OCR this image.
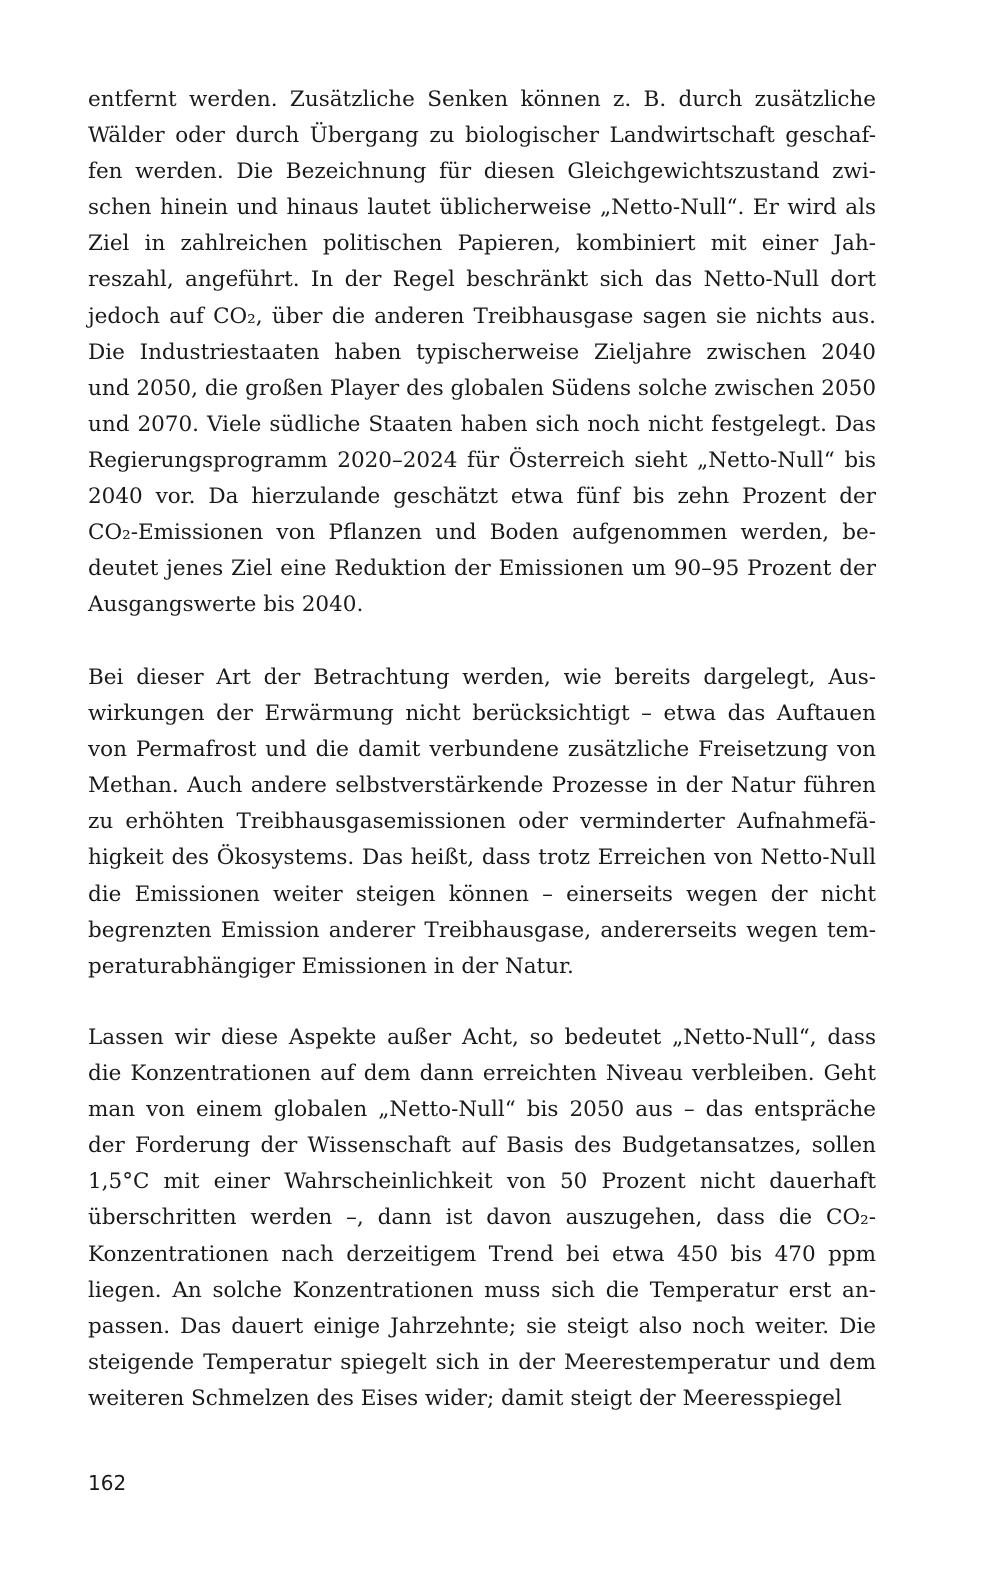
entfernt werden. Zusätzliche Senken können z. B. durch zusätzliche
Wälder oder durch Übergang zu biologischer Landwirtschaft geschaf-
fen werden. Die Bezeichnung für diesen Gleichgewichtszustand zwi-
schen hinein und hinaus lautet üblicherweise „Netto-Null“. Er wird als
Ziel in zahlreichen politischen Papieren, kombiniert mit einer Jah-
reszahl, angeführt. In der Regel beschränkt sich das Netto-Null dort
jedoch auf CO₂, über die anderen Treibhausgase sagen sie nichts aus.
Die Industriestaaten haben typischerweise Zieljahre zwischen 2040
und 2050, die großen Player des globalen Südens solche zwischen 2050
und 2070. Viele südliche Staaten haben sich noch nicht festgelegt. Das
Regierungsprogramm 2020–2024 für Österreich sieht „Netto-Null“ bis
2040 vor. Da hierzulande geschätzt etwa fünf bis zehn Prozent der
CO₂-Emissionen von Pflanzen und Boden aufgenommen werden, be-
deutet jenes Ziel eine Reduktion der Emissionen um 90–95 Prozent der
Ausgangswerte bis 2040.
Bei dieser Art der Betrachtung werden, wie bereits dargelegt, Aus-
wirkungen der Erwärmung nicht berücksichtigt – etwa das Auftauen
von Permafrost und die damit verbundene zusätzliche Freisetzung von
Methan. Auch andere selbstverstärkende Prozesse in der Natur führen
zu erhöhten Treibhausgasemissionen oder verminderter Aufnahmefä-
higkeit des Ökosystems. Das heißt, dass trotz Erreichen von Netto-Null
die Emissionen weiter steigen können – einerseits wegen der nicht
begrenzten Emission anderer Treibhausgase, andererseits wegen tem-
peraturabhängiger Emissionen in der Natur.
Lassen wir diese Aspekte außer Acht, so bedeutet „Netto-Null“, dass
die Konzentrationen auf dem dann erreichten Niveau verbleiben. Geht
man von einem globalen „Netto-Null“ bis 2050 aus – das entspräche
der Forderung der Wissenschaft auf Basis des Budgetansatzes, sollen
1,5°C mit einer Wahrscheinlichkeit von 50 Prozent nicht dauerhaft
überschritten werden –, dann ist davon auszugehen, dass die CO₂-
Konzentrationen nach derzeitigem Trend bei etwa 450 bis 470 ppm
liegen. An solche Konzentrationen muss sich die Temperatur erst an-
passen. Das dauert einige Jahrzehnte; sie steigt also noch weiter. Die
steigende Temperatur spiegelt sich in der Meerestemperatur und dem
weiteren Schmelzen des Eises wider; damit steigt der Meeresspiegel
162
